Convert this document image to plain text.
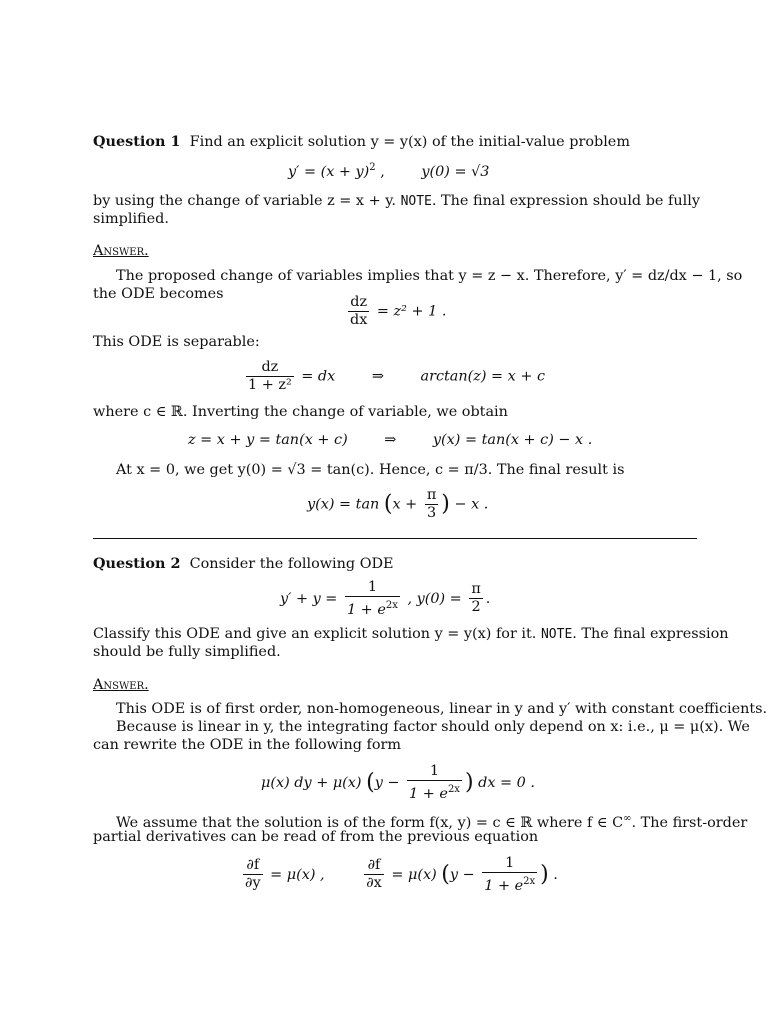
Question 1 Find an explicit solution y = y(x) of the initial-value problem
$y' = (x + y)^2$ ,	y(0) = √3
by using the change of variable z = x + y. NOTE. The final expression should be fully
simplified.
Answer.
The proposed change of variables implies that y = z − x. Therefore, y′ = dz/dx − 1, so
the ODE becomes	$\frac{dz}{dx} = z^2 + 1$ .
This ODE is separable:
$\frac{dz}{\text{1 + z²}}$ = dx	⇒	arctan(z) = x + c
where c ∈ ℝ. Inverting the change of variable, we obtain
z = x + y = tan(x + c)	⇒	y(x) = tan(x + c) − x .
At x = 0, we get y(0) = √3 = tan(c). Hence, c = π/3. The final result is
$y(x) = \tan (x + \frac{\pi}{3}$ ) − x .
Question 2 Consider the following ODE
$y' + y = \frac{1}{1 + e^{2x}}$ , $y(0) = \frac{\pi}{2}$ .
Classify this ODE and give an explicit solution y = y(x) for it. NOTE. The final expression
should be fully simplified.
Answer.
This ODE is of first order, non-homogeneous, linear in y and y′ with constant coefficients.
Because is linear in y, the integrating factor should only depend on x: i.e., μ = μ(x). We
can rewrite the ODE in the following form
μ(x) dy + μ(x) ($y - \frac{1}{1 + e^{2x}}$ ) dx = 0 .
We assume that the solution is of the form f(x, y) = c ∈ ℝ where f ∈ C∞. The first-order
partial derivatives can be read of from the previous equation
$\frac{\partial f}{\partial y} = \mu(x)$ ,	$\frac{\partial f}{\partial x} = \mu(x) (y - \frac{1}{1 + e^{2x}}$ ) .
